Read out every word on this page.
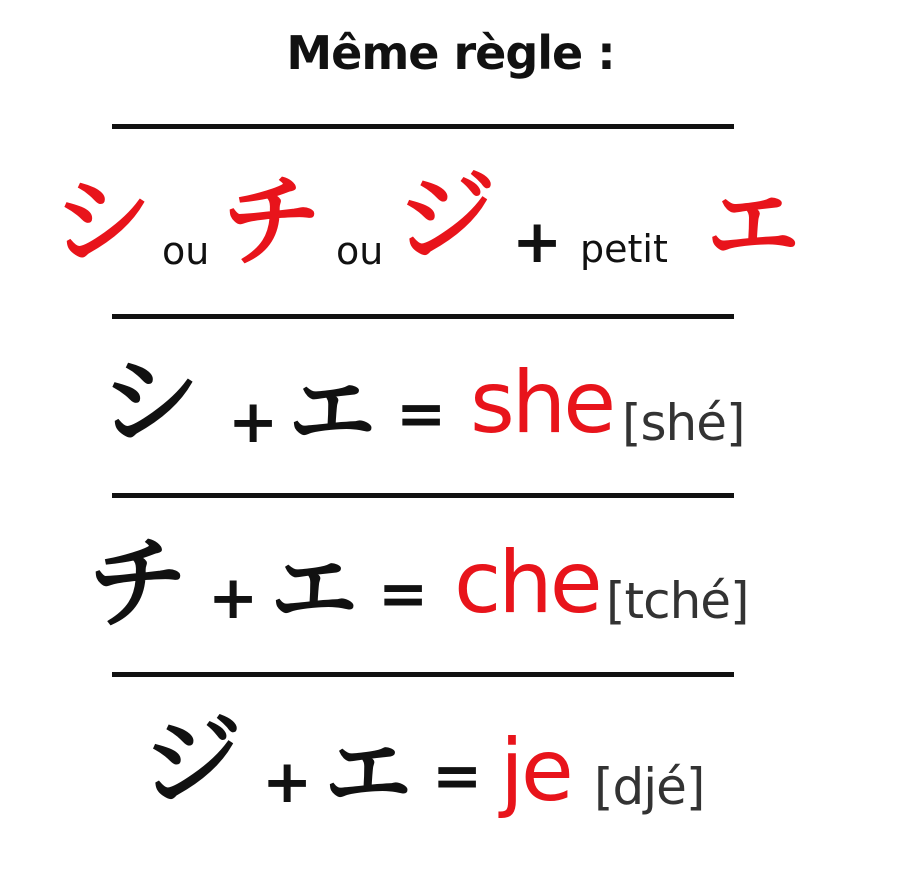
Même règle :
シ ou チ ou ジ + petit エ
シ + エ = she [shé]
チ + エ = che [tché]
ジ + エ = je [djé]
